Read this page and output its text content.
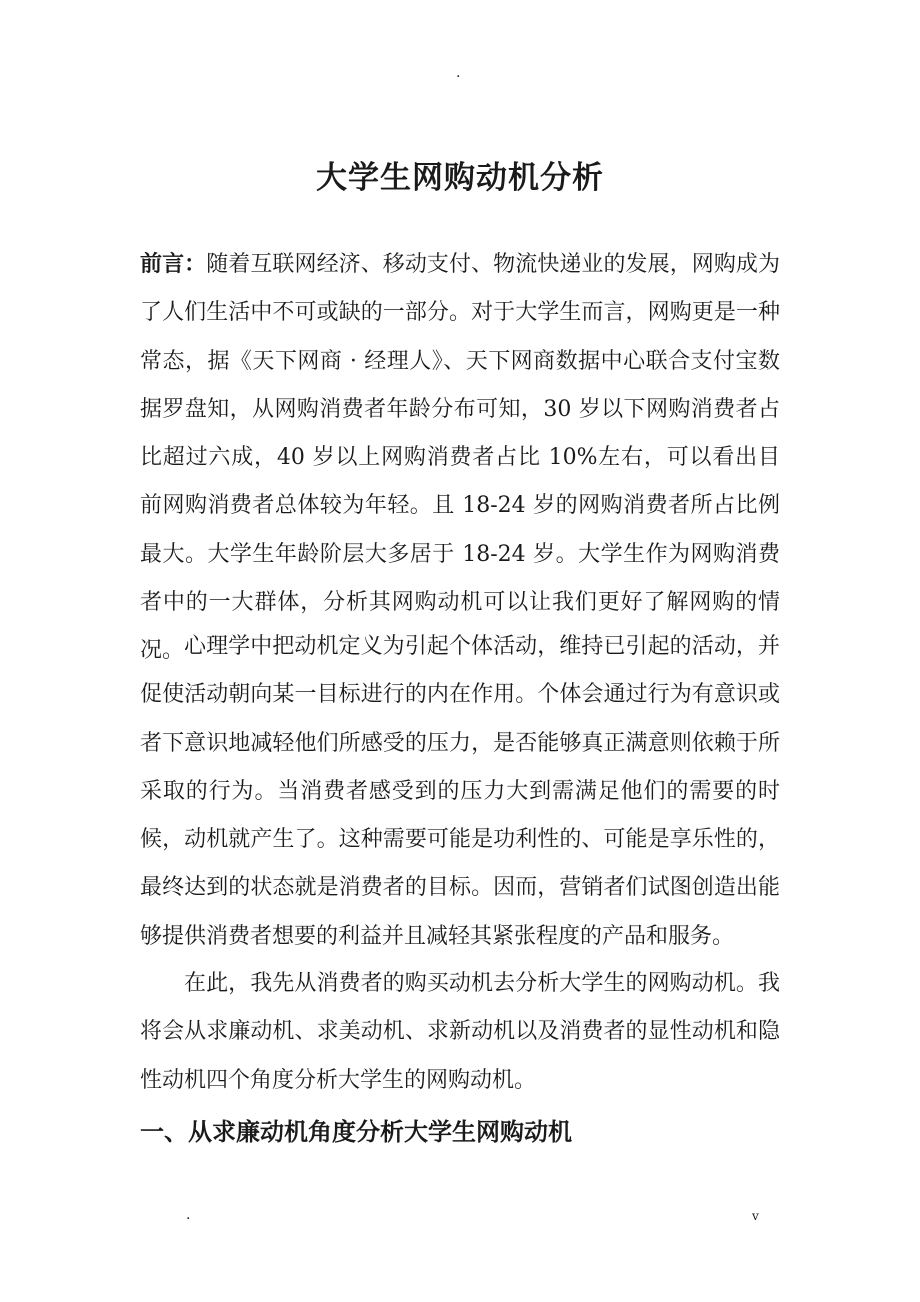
.
大学生网购动机分析
前言：随着互联网经济、移动支付、物流快递业的发展，网购成为了人们生活中不可或缺的一部分。对于大学生而言，网购更是一种常态，据《天下网商 · 经理人》、天下网商数据中心联合支付宝数据罗盘知，从网购消费者年龄分布可知，30 岁以下网购消费者占比超过六成，40 岁以上网购消费者占比 10%左右，可以看出目前网购消费者总体较为年轻。且 18-24 岁的网购消费者所占比例最大。大学生年龄阶层大多居于 18-24 岁。大学生作为网购消费者中的一大群体，分析其网购动机可以让我们更好了解网购的情况。 心理学中把动机定义为引起个体活动，维持已引起的活动，并促使活动朝向某一目标进行的内在作用。个体会通过行为有意识或者下意识地减轻他们所感受的压力，是否能够真正满意则依赖于所采取的行为。当消费者感受到的压力大到需满足他们的需要的时候，动机就产生了。这种需要可能是功利性的、可能是享乐性的，最终达到的状态就是消费者的目标。因而，营销者们试图创造出能够提供消费者想要的利益并且减轻其紧张程度的产品和服务。
在此，我先从消费者的购买动机去分析大学生的网购动机。我将会从求廉动机、求美动机、求新动机以及消费者的显性动机和隐性动机四个角度分析大学生的网购动机。
一、从求廉动机角度分析大学生网购动机
.	v
